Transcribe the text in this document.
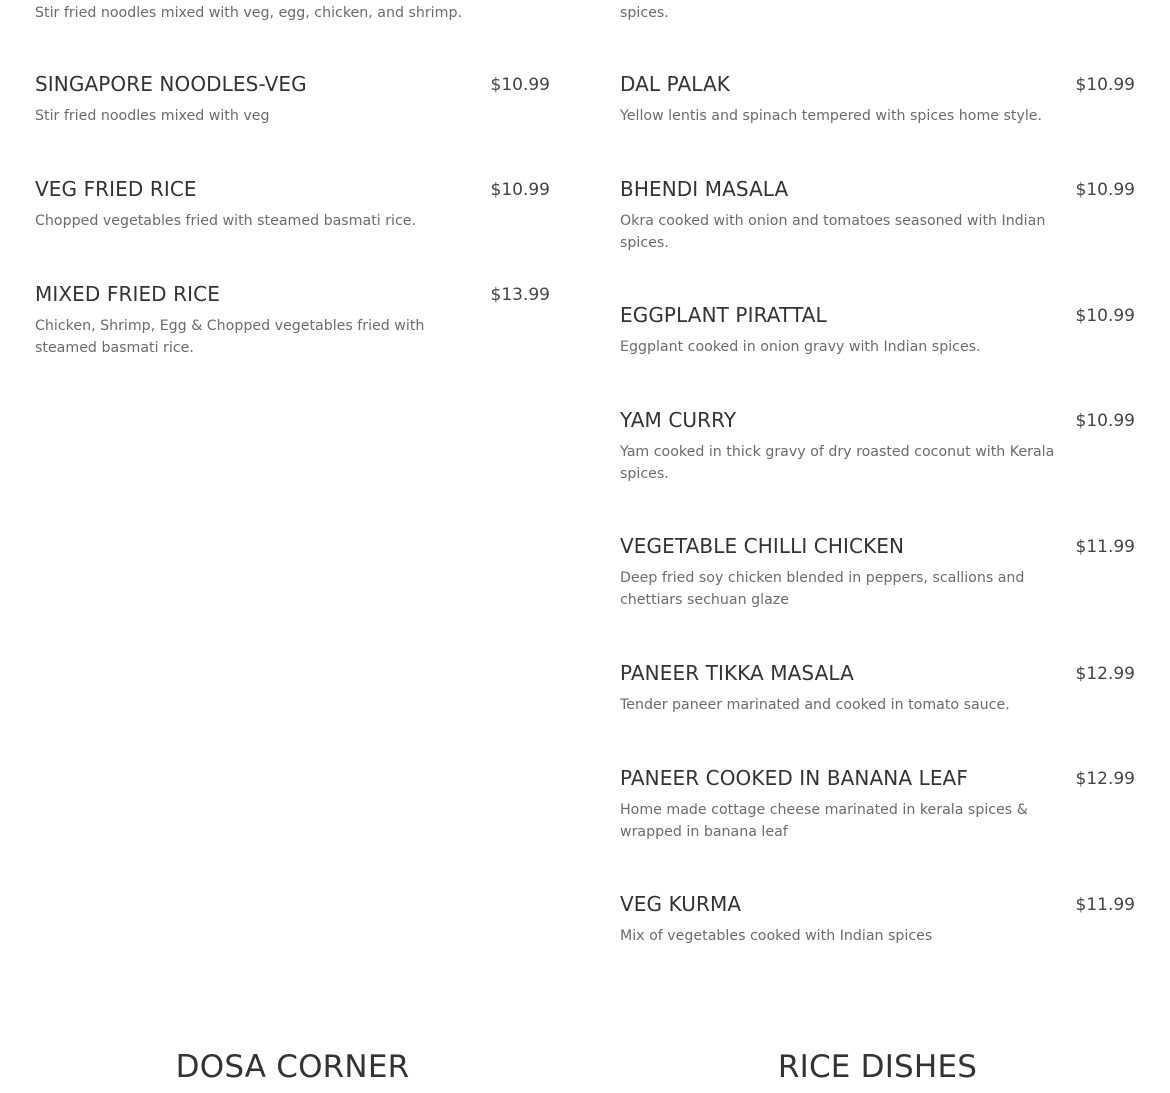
Stir fried noodles mixed with veg, egg, chicken, and shrimp.
SINGAPORE NOODLES-VEG	$10.99
Stir fried noodles mixed with veg
VEG FRIED RICE	$10.99
Chopped vegetables fried with steamed basmati rice.
MIXED FRIED RICE	$13.99
Chicken, Shrimp, Egg & Chopped vegetables fried with steamed basmati rice.
spices.
DAL PALAK	$10.99
Yellow lentis and spinach tempered with spices home style.
BHENDI MASALA	$10.99
Okra cooked with onion and tomatoes seasoned with Indian spices.
EGGPLANT PIRATTAL	$10.99
Eggplant cooked in onion gravy with Indian spices.
YAM CURRY	$10.99
Yam cooked in thick gravy of dry roasted coconut with Kerala spices.
VEGETABLE CHILLI CHICKEN	$11.99
Deep fried soy chicken blended in peppers, scallions and chettiars sechuan glaze
PANEER TIKKA MASALA	$12.99
Tender paneer marinated and cooked in tomato sauce.
PANEER COOKED IN BANANA LEAF	$12.99
Home made cottage cheese marinated in kerala spices & wrapped in banana leaf
VEG KURMA	$11.99
Mix of vegetables cooked with Indian spices
DOSA CORNER	RICE DISHES
